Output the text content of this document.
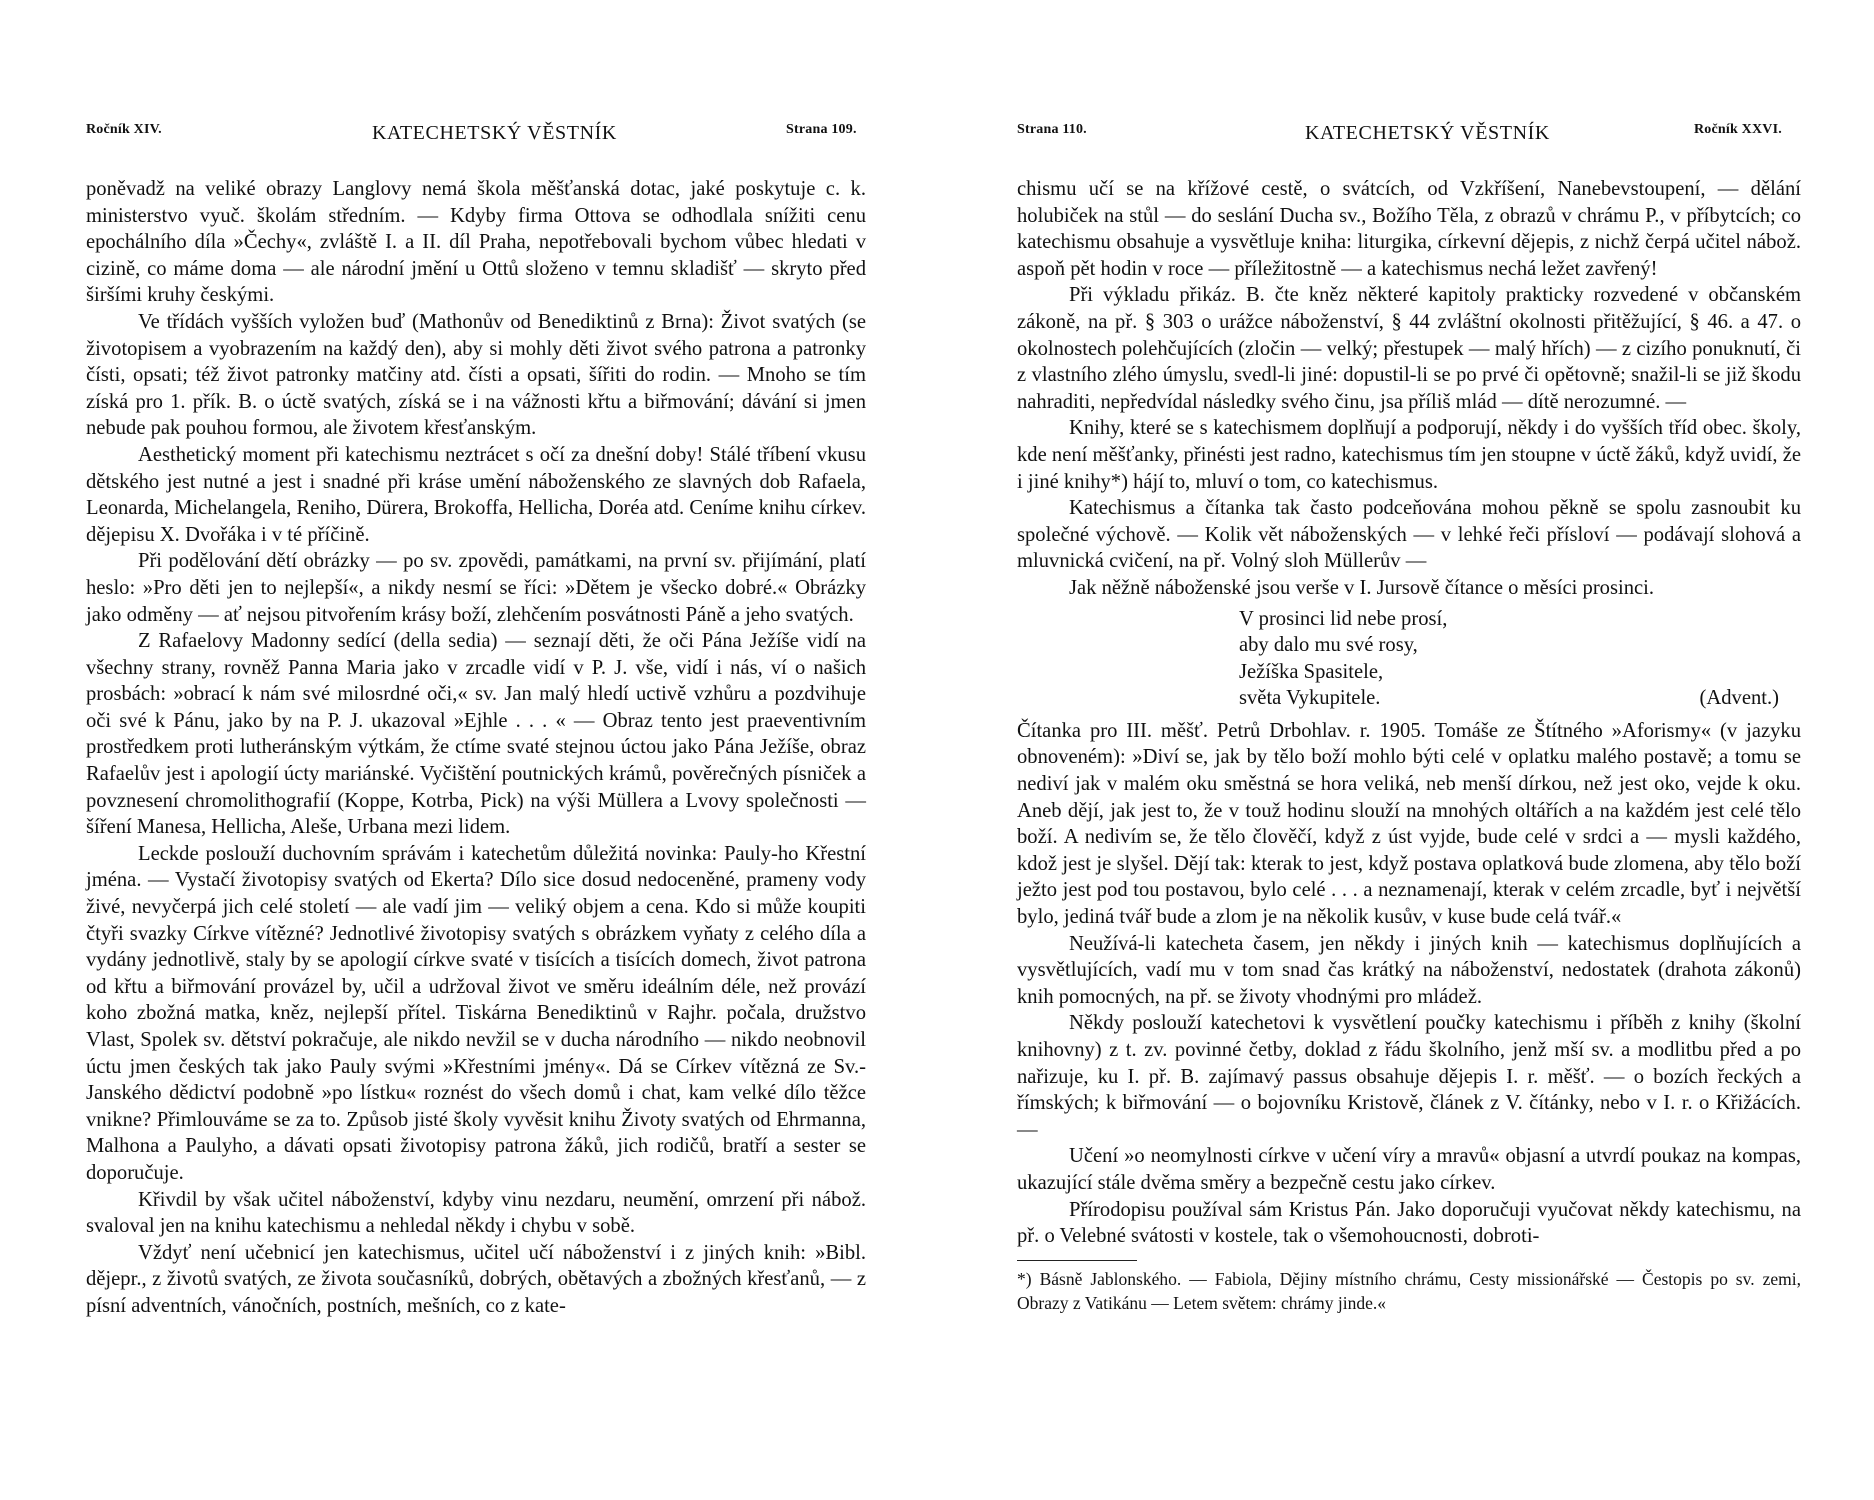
Ročník XIV.	KATECHETSKÝ VĚSTNÍK	Strana 109.

poněvadž na veliké obrazy Langlovy nemá škola měšťanská dotac, jaké poskytuje c. k. ministerstvo vyuč. školám středním. — Kdyby firma Ottova se odhodlala snížiti cenu epochálního díla »Čechy«, zvláště I. a II. díl Praha, nepotřebovali bychom vůbec hledati v cizině, co máme doma — ale národní jmění u Ottů složeno v temnu skladišť — skryto před širšími kruhy českými.

Ve třídách vyšších vyložen buď (Mathonův od Benediktinů z Brna): Život svatých (se životopisem a vyobrazením na každý den), aby si mohly děti život svého patrona a patronky čísti, opsati; též život patronky matčiny atd. čísti a opsati, šířiti do rodin. — Mnoho se tím získá pro 1. přík. B. o úctě svatých, získá se i na vážnosti křtu a biřmování; dávání si jmen nebude pak pouhou formou, ale životem křesťanským.

Aesthetický moment při katechismu neztrácet s očí za dnešní doby! Stálé tříbení vkusu dětského jest nutné a jest i snadné při kráse umění náboženského ze slavných dob Rafaela, Leonarda, Michelangela, Reniho, Dürera, Brokoffa, Hellicha, Doréa atd. Ceníme knihu církev. dějepisu X. Dvořáka i v té příčině.

Při podělování dětí obrázky — po sv. zpovědi, památkami, na první sv. přijímání, platí heslo: »Pro děti jen to nejlepší«, a nikdy nesmí se říci: »Dětem je všecko dobré.« Obrázky jako odměny — ať nejsou pitvořením krásy boží, zlehčením posvátnosti Páně a jeho svatých.

Z Rafaelovy Madonny sedící (della sedia) — seznají děti, že oči Pána Ježíše vidí na všechny strany, rovněž Panna Maria jako v zrcadle vidí v P. J. vše, vidí i nás, ví o našich prosbách: »obrací k nám své milosrdné oči,« sv. Jan malý hledí uctivě vzhůru a pozdvihuje oči své k Pánu, jako by na P. J. ukazoval »Ejhle . . . « — Obraz tento jest praeventivním prostředkem proti lutheránským výtkám, že ctíme svaté stejnou úctou jako Pána Ježíše, obraz Rafaelův jest i apologií úcty mariánské. Vyčištění poutnických krámů, pověrečných písniček a povznesení chromolithografií (Koppe, Kotrba, Pick) na výši Müllera a Lvovy společnosti — šíření Manesa, Hellicha, Aleše, Urbana mezi lidem.

Leckde poslouží duchovním správám i katechetům důležitá novinka: Pauly-ho Křestní jména. — Vystačí životopisy svatých od Ekerta? Dílo sice dosud nedoceněné, prameny vody živé, nevyčerpá jich celé století — ale vadí jim — veliký objem a cena. Kdo si může koupiti čtyři svazky Církve vítězné? Jednotlivé životopisy svatých s obrázkem vyňaty z celého díla a vydány jednotlivě, staly by se apologií církve svaté v tisících a tisících domech, život patrona od křtu a biřmování provázel by, učil a udržoval život ve směru ideálním déle, než provází koho zbožná matka, kněz, nejlepší přítel. Tiskárna Benediktinů v Rajhr. počala, družstvo Vlast, Spolek sv. dětství pokračuje, ale nikdo nevžil se v ducha národního — nikdo neobnovil úctu jmen českých tak jako Pauly svými »Křestními jmény«. Dá se Církev vítězná ze Sv.-Janského dědictví podobně »po lístku« roznést do všech domů i chat, kam velké dílo těžce vnikne? Přimlouváme se za to. Způsob jisté školy vyvěsit knihu Životy svatých od Ehrmanna, Malhona a Paulyho, a dávati opsati životopisy patrona žáků, jich rodičů, bratří a sester se doporučuje.

Křivdil by však učitel náboženství, kdyby vinu nezdaru, neumění, omrzení při nábož. svaloval jen na knihu katechismu a nehledal někdy i chybu v sobě.

Vždyť není učebnicí jen katechismus, učitel učí náboženství i z jiných knih: »Bibl. dějepr., z životů svatých, ze života současníků, dobrých, obětavých a zbožných křesťanů, — z písní adventních, vánočních, postních, mešních, co z kate-

Strana 110.	KATECHETSKÝ VĚSTNÍK	Ročník XXVI.

chismu učí se na křížové cestě, o svátcích, od Vzkříšení, Nanebevstoupení, — dělání holubiček na stůl — do seslání Ducha sv., Božího Těla, z obrazů v chrámu P., v příbytcích; co katechismu obsahuje a vysvětluje kniha: liturgika, církevní dějepis, z nichž čerpá učitel nábož. aspoň pět hodin v roce — příležitostně — a katechismus nechá ležet zavřený!

Při výkladu přikáz. B. čte kněz některé kapitoly prakticky rozvedené v občanském zákoně, na př. § 303 o urážce náboženství, § 44 zvláštní okolnosti přitěžující, § 46. a 47. o okolnostech polehčujících (zločin — velký; přestupek — malý hřích) — z cizího ponuknutí, či z vlastního zlého úmyslu, svedl-li jiné: dopustil-li se po prvé či opětovně; snažil-li se již škodu nahraditi, nepředvídal následky svého činu, jsa příliš mlád — dítě nerozumné. —

Knihy, které se s katechismem doplňují a podporují, někdy i do vyšších tříd obec. školy, kde není měšťanky, přinésti jest radno, katechismus tím jen stoupne v úctě žáků, když uvidí, že i jiné knihy*) hájí to, mluví o tom, co katechismus.

Katechismus a čítanka tak často podceňována mohou pěkně se spolu zasnoubit ku společné výchově. — Kolik vět náboženských — v lehké řeči přísloví — podávají slohová a mluvnická cvičení, na př. Volný sloh Müllerův —

Jak něžně náboženské jsou verše v I. Jursově čítance o měsíci prosinci.

V prosinci lid nebe prosí,
aby dalo mu své rosy,
Ježíška Spasitele,
světa Vykupitele.	(Advent.)

Čítanka pro III. měšť. Petrů Drbohlav. r. 1905. Tomáše ze Štítného »Aforismy« (v jazyku obnoveném): »Diví se, jak by tělo boží mohlo býti celé v oplatku malého postavě; a tomu se nediví jak v malém oku směstná se hora veliká, neb menší dírkou, než jest oko, vejde k oku. Aneb dějí, jak jest to, že v touž hodinu slouží na mnohých oltářích a na každém jest celé tělo boží. A nedivím se, že tělo člověčí, když z úst vyjde, bude celé v srdci a — mysli každého, kdož jest je slyšel. Dějí tak: kterak to jest, když postava oplatková bude zlomena, aby tělo boží ježto jest pod tou postavou, bylo celé . . . a neznamenají, kterak v celém zrcadle, byť i největší bylo, jediná tvář bude a zlom je na několik kusův, v kuse bude celá tvář.«

Neužívá-li katecheta časem, jen někdy i jiných knih — katechismus doplňujících a vysvětlujících, vadí mu v tom snad čas krátký na náboženství, nedostatek (drahota zákonů) knih pomocných, na př. se životy vhodnými pro mládež.

Někdy poslouží katechetovi k vysvětlení poučky katechismu i příběh z knihy (školní knihovny) z t. zv. povinné četby, doklad z řádu školního, jenž mší sv. a modlitbu před a po nařizuje, ku I. př. B. zajímavý passus obsahuje dějepis I. r. měšť. — o bozích řeckých a římských; k biřmování — o bojovníku Kristově, článek z V. čítánky, nebo v I. r. o Křižácích. —

Učení »o neomylnosti církve v učení víry a mravů« objasní a utvrdí poukaz na kompas, ukazující stále dvěma směry a bezpečně cestu jako církev.

Přírodopisu používal sám Kristus Pán. Jako doporučuji vyučovat někdy katechismu, na př. o Velebné svátosti v kostele, tak o všemohoucnosti, dobroti-

*) Básně Jablonského. — Fabiola, Dějiny místního chrámu, Cesty missionářské — Čestopis po sv. zemi, Obrazy z Vatikánu — Letem světem: chrámy jinde.«
